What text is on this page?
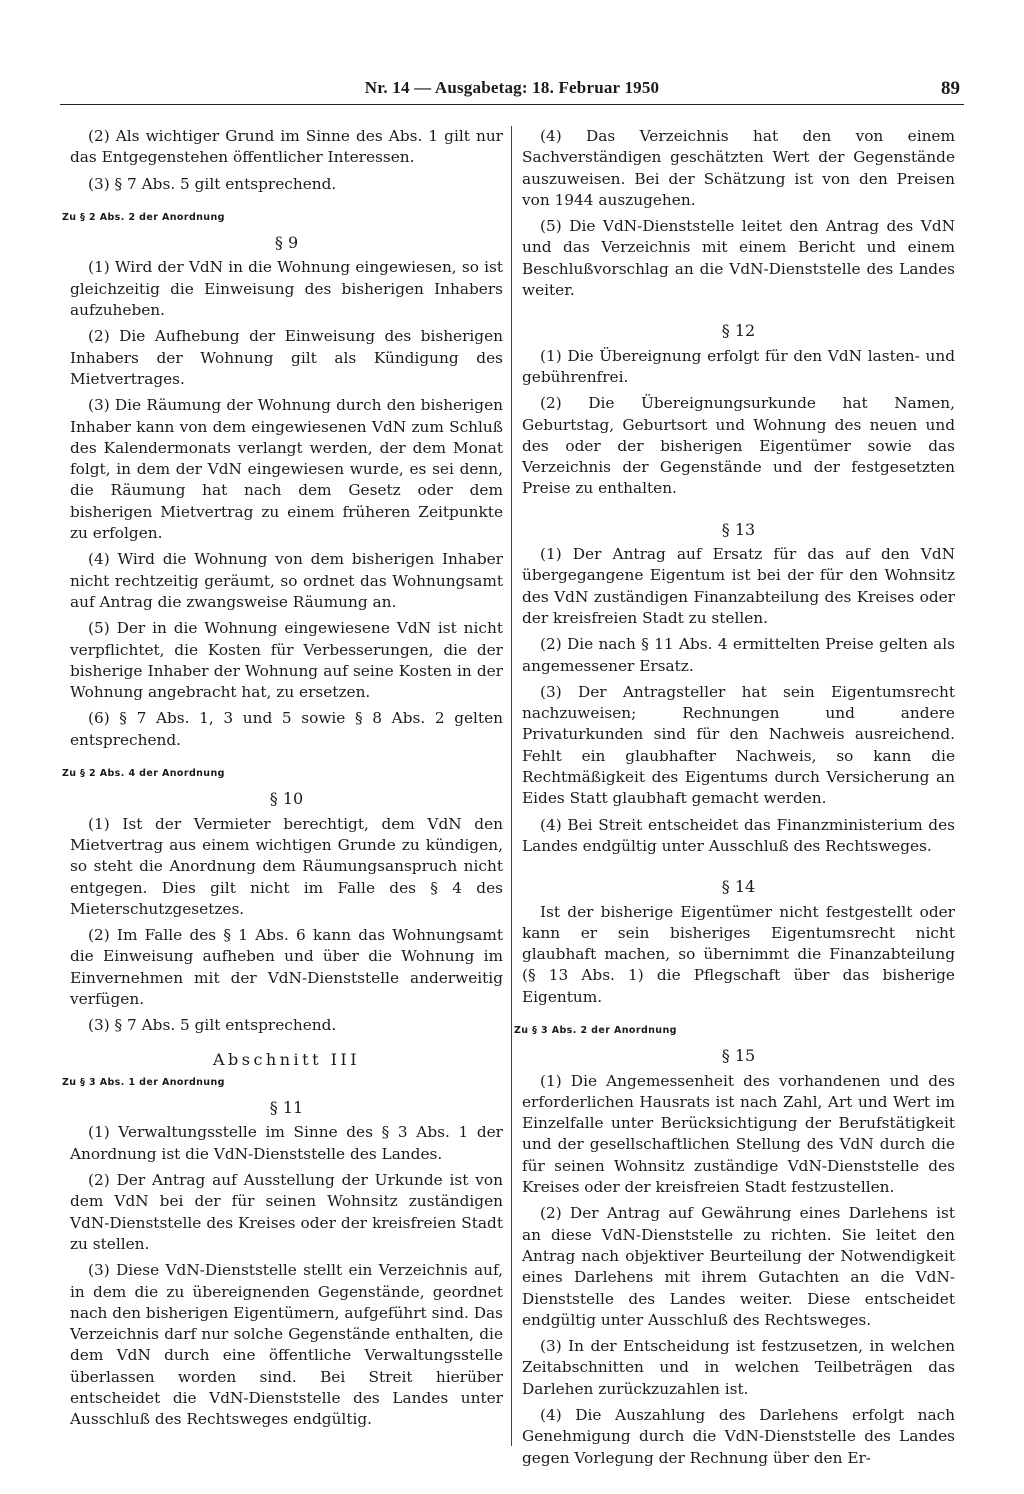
Nr. 14 — Ausgabetag: 18. Februar 1950	89

(2) Als wichtiger Grund im Sinne des Abs. 1 gilt nur das Entgegenstehen öffentlicher Interessen.

(3) § 7 Abs. 5 gilt entsprechend.

Zu § 2 Abs. 2 der Anordnung
§ 9

(1) Wird der VdN in die Wohnung eingewiesen, so ist gleichzeitig die Einweisung des bisherigen Inhabers aufzuheben.

(2) Die Aufhebung der Einweisung des bisherigen Inhabers der Wohnung gilt als Kündigung des Mietvertrages.

(3) Die Räumung der Wohnung durch den bisherigen Inhaber kann von dem eingewiesenen VdN zum Schluß des Kalendermonats verlangt werden, der dem Monat folgt, in dem der VdN eingewiesen wurde, es sei denn, die Räumung hat nach dem Gesetz oder dem bisherigen Mietvertrag zu einem früheren Zeitpunkte zu erfolgen.

(4) Wird die Wohnung von dem bisherigen Inhaber nicht rechtzeitig geräumt, so ordnet das Wohnungsamt auf Antrag die zwangsweise Räumung an.

(5) Der in die Wohnung eingewiesene VdN ist nicht verpflichtet, die Kosten für Verbesserungen, die der bisherige Inhaber der Wohnung auf seine Kosten in der Wohnung angebracht hat, zu ersetzen.

(6) § 7 Abs. 1, 3 und 5 sowie § 8 Abs. 2 gelten entsprechend.

Zu § 2 Abs. 4 der Anordnung
§ 10

(1) Ist der Vermieter berechtigt, dem VdN den Mietvertrag aus einem wichtigen Grunde zu kündigen, so steht die Anordnung dem Räumungsanspruch nicht entgegen. Dies gilt nicht im Falle des § 4 des Mieterschutzgesetzes.

(2) Im Falle des § 1 Abs. 6 kann das Wohnungsamt die Einweisung aufheben und über die Wohnung im Einvernehmen mit der VdN-Dienststelle anderweitig verfügen.

(3) § 7 Abs. 5 gilt entsprechend.

Abschnitt III
Zu § 3 Abs. 1 der Anordnung
§ 11

(1) Verwaltungsstelle im Sinne des § 3 Abs. 1 der Anordnung ist die VdN-Dienststelle des Landes.

(2) Der Antrag auf Ausstellung der Urkunde ist von dem VdN bei der für seinen Wohnsitz zuständigen VdN-Dienststelle des Kreises oder der kreisfreien Stadt zu stellen.

(3) Diese VdN-Dienststelle stellt ein Verzeichnis auf, in dem die zu übereignenden Gegenstände, geordnet nach den bisherigen Eigentümern, aufgeführt sind. Das Verzeichnis darf nur solche Gegenstände enthalten, die dem VdN durch eine öffentliche Verwaltungsstelle überlassen worden sind. Bei Streit hierüber entscheidet die VdN-Dienststelle des Landes unter Ausschluß des Rechtsweges endgültig.

(4) Das Verzeichnis hat den von einem Sachverständigen geschätzten Wert der Gegenstände auszuweisen. Bei der Schätzung ist von den Preisen von 1944 auszugehen.

(5) Die VdN-Dienststelle leitet den Antrag des VdN und das Verzeichnis mit einem Bericht und einem Beschlußvorschlag an die VdN-Dienststelle des Landes weiter.

§ 12

(1) Die Übereignung erfolgt für den VdN lasten- und gebührenfrei.

(2) Die Übereignungsurkunde hat Namen, Geburtstag, Geburtsort und Wohnung des neuen und des oder der bisherigen Eigentümer sowie das Verzeichnis der Gegenstände und der festgesetzten Preise zu enthalten.

§ 13

(1) Der Antrag auf Ersatz für das auf den VdN übergegangene Eigentum ist bei der für den Wohnsitz des VdN zuständigen Finanzabteilung des Kreises oder der kreisfreien Stadt zu stellen.

(2) Die nach § 11 Abs. 4 ermittelten Preise gelten als angemessener Ersatz.

(3) Der Antragsteller hat sein Eigentumsrecht nachzuweisen; Rechnungen und andere Privaturkunden sind für den Nachweis ausreichend. Fehlt ein glaubhafter Nachweis, so kann die Rechtmäßigkeit des Eigentums durch Versicherung an Eides Statt glaubhaft gemacht werden.

(4) Bei Streit entscheidet das Finanzministerium des Landes endgültig unter Ausschluß des Rechtsweges.

§ 14

Ist der bisherige Eigentümer nicht festgestellt oder kann er sein bisheriges Eigentumsrecht nicht glaubhaft machen, so übernimmt die Finanzabteilung (§ 13 Abs. 1) die Pflegschaft über das bisherige Eigentum.

Zu § 3 Abs. 2 der Anordnung
§ 15

(1) Die Angemessenheit des vorhandenen und des erforderlichen Hausrats ist nach Zahl, Art und Wert im Einzelfalle unter Berücksichtigung der Berufstätigkeit und der gesellschaftlichen Stellung des VdN durch die für seinen Wohnsitz zuständige VdN-Dienststelle des Kreises oder der kreisfreien Stadt festzustellen.

(2) Der Antrag auf Gewährung eines Darlehens ist an diese VdN-Dienststelle zu richten. Sie leitet den Antrag nach objektiver Beurteilung der Notwendigkeit eines Darlehens mit ihrem Gutachten an die VdN-Dienststelle des Landes weiter. Diese entscheidet endgültig unter Ausschluß des Rechtsweges.

(3) In der Entscheidung ist festzusetzen, in welchen Zeitabschnitten und in welchen Teilbeträgen das Darlehen zurückzuzahlen ist.

(4) Die Auszahlung des Darlehens erfolgt nach Genehmigung durch die VdN-Dienststelle des Landes gegen Vorlegung der Rechnung über den Er-
